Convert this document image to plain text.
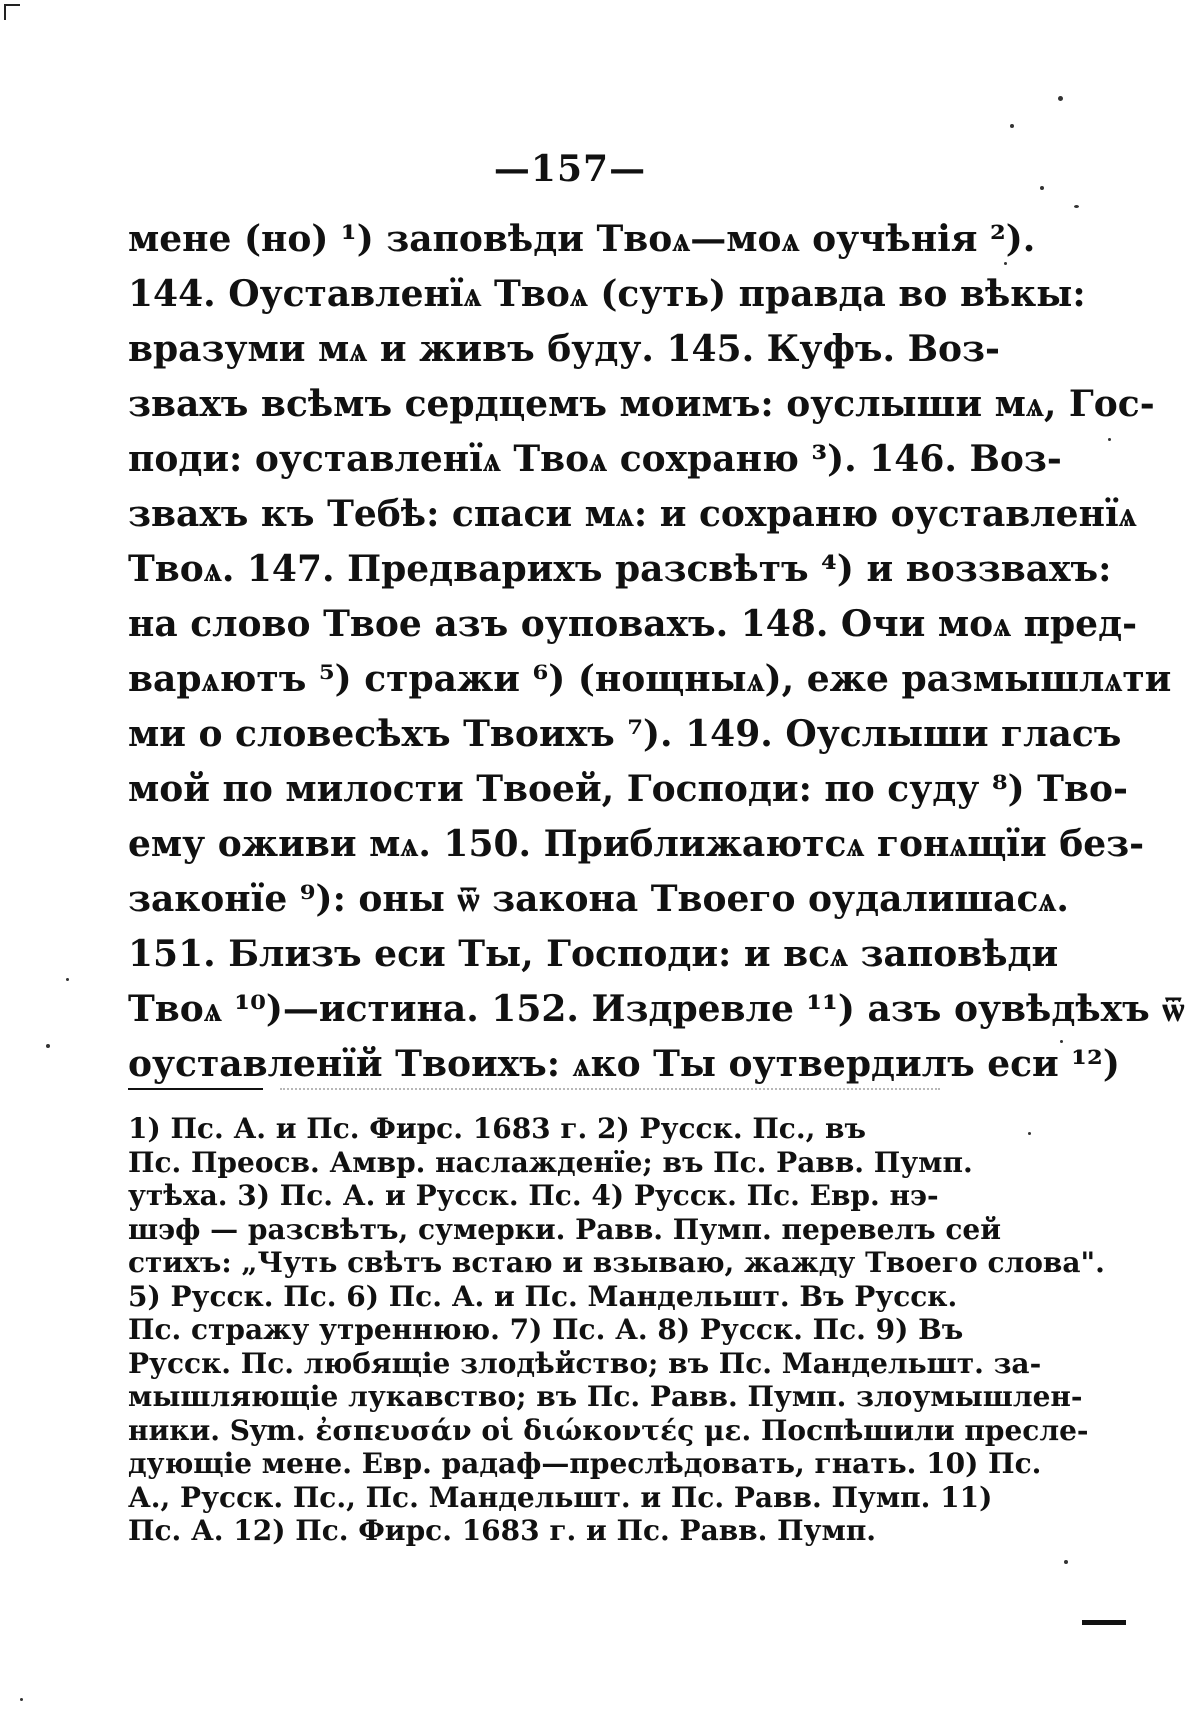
—157—
мене (но) ¹) заповѣди Твоѧ—моѧ оучѣнія ²).
144. Оуставленїѧ Твоѧ (суть) правда во вѣкы:
вразуми мѧ и живъ буду. 145. Куфъ. Воз-
звахъ всѣмъ сердцемъ моимъ: оуслыши мѧ, Гос-
поди: оуставленїѧ Твоѧ сохраню ³). 146. Воз-
звахъ къ Тебѣ: спаси мѧ: и сохраню оуставленїѧ
Твоѧ. 147. Предварихъ разсвѣтъ ⁴) и воззвахъ:
на слово Твое азъ оуповахъ. 148. Очи моѧ пред-
варѧютъ ⁵) стражи ⁶) (нощныѧ), еже размышлѧти
ми о словесѣхъ Твоихъ ⁷). 149. Оуслыши гласъ
мой по милости Твоей, Господи: по суду ⁸) Тво-
ему оживи мѧ. 150. Приближаютсѧ гонѧщїи без-
законїе ⁹): оны ѿ закона Твоего оудалишасѧ.
151. Близъ еси Ты, Господи: и всѧ заповѣди
Твоѧ ¹⁰)—истина. 152. Издревле ¹¹) азъ оувѣдѣхъ ѿ
оуставленїй Твоихъ: ѧко Ты оутвердилъ еси ¹²)
1) Пс. А. и Пс. Фирс. 1683 г. 2) Русск. Пс., въ
Пс. Преосв. Амвр. наслажденїе; въ Пс. Равв. Пумп.
утѣха. 3) Пс. А. и Русск. Пс. 4) Русск. Пс. Евр. нэ-
шэф — разсвѣтъ, сумерки. Равв. Пумп. перевелъ сей
стихъ: „Чуть свѣтъ встаю и взываю, жажду Твоего слова".
5) Русск. Пс. 6) Пс. А. и Пс. Мандельшт. Въ Русск.
Пс. стражу утреннюю. 7) Пс. А. 8) Русск. Пс. 9) Въ
Русск. Пс. любящіе злодѣйство; въ Пс. Мандельшт. за-
мышляющіе лукавство; въ Пс. Равв. Пумп. злоумышлен-
ники. Sym. ἐσπευσάν οἱ διώκοντές με. Поспѣшили пресле-
дующіе мене. Евр. радаф—преслѣдовать, гнать. 10) Пс.
А., Русск. Пс., Пс. Мандельшт. и Пс. Равв. Пумп. 11)
Пс. А. 12) Пс. Фирс. 1683 г. и Пс. Равв. Пумп.
